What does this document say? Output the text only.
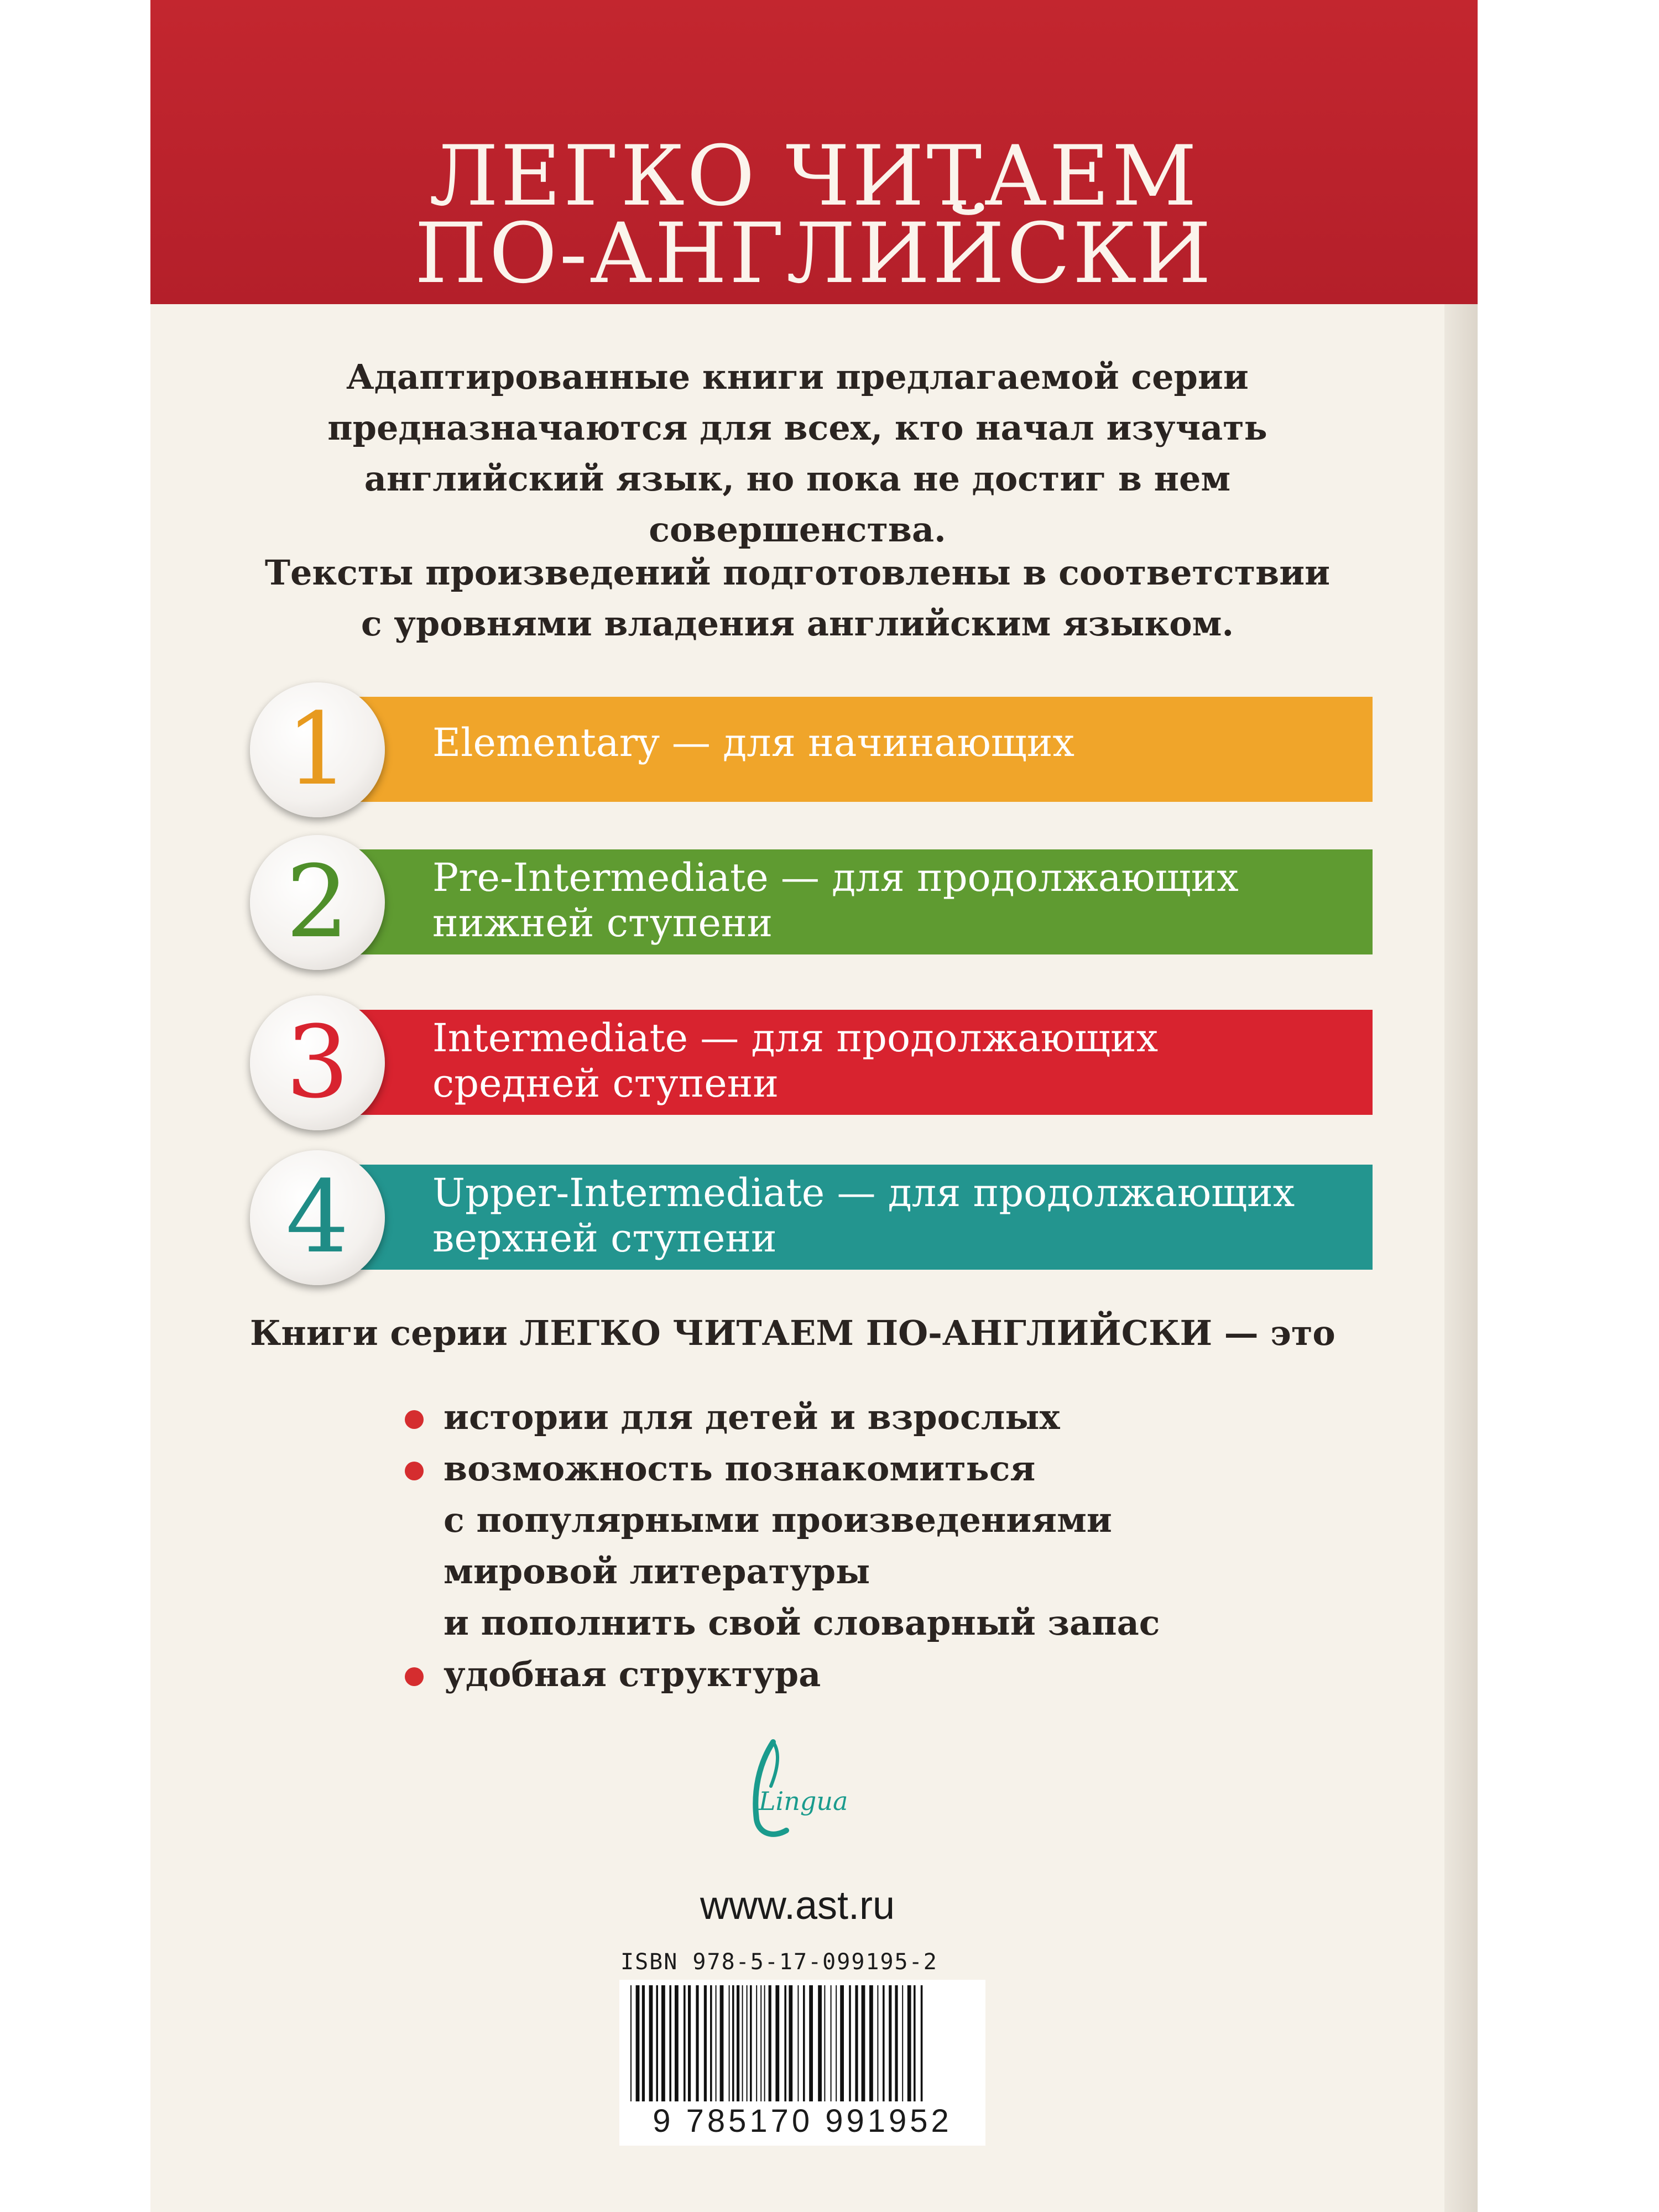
ЛЕГКО ЧИТАЕМ
ПО-АНГЛИЙСКИ
Адаптированные книги предлагаемой серии
предназначаются для всех, кто начал изучать
английский язык, но пока не достиг в нем
совершенства.
Тексты произведений подготовлены в соответствии
с уровнями владения английским языком.
1	Elementary — для начинающих
2	Pre-Intermediate — для продолжающих
нижней ступени
3	Intermediate — для продолжающих
средней ступени
4	Upper-Intermediate — для продолжающих
верхней ступени
Книги серии ЛЕГКО ЧИТАЕМ ПО-АНГЛИЙСКИ — это
истории для детей и взрослых
возможность познакомиться
с популярными произведениями
мировой литературы
и пополнить свой словарный запас
удобная структура
Lingua
www.ast.ru
ISBN 978-5-17-099195-2
9 785170 991952
